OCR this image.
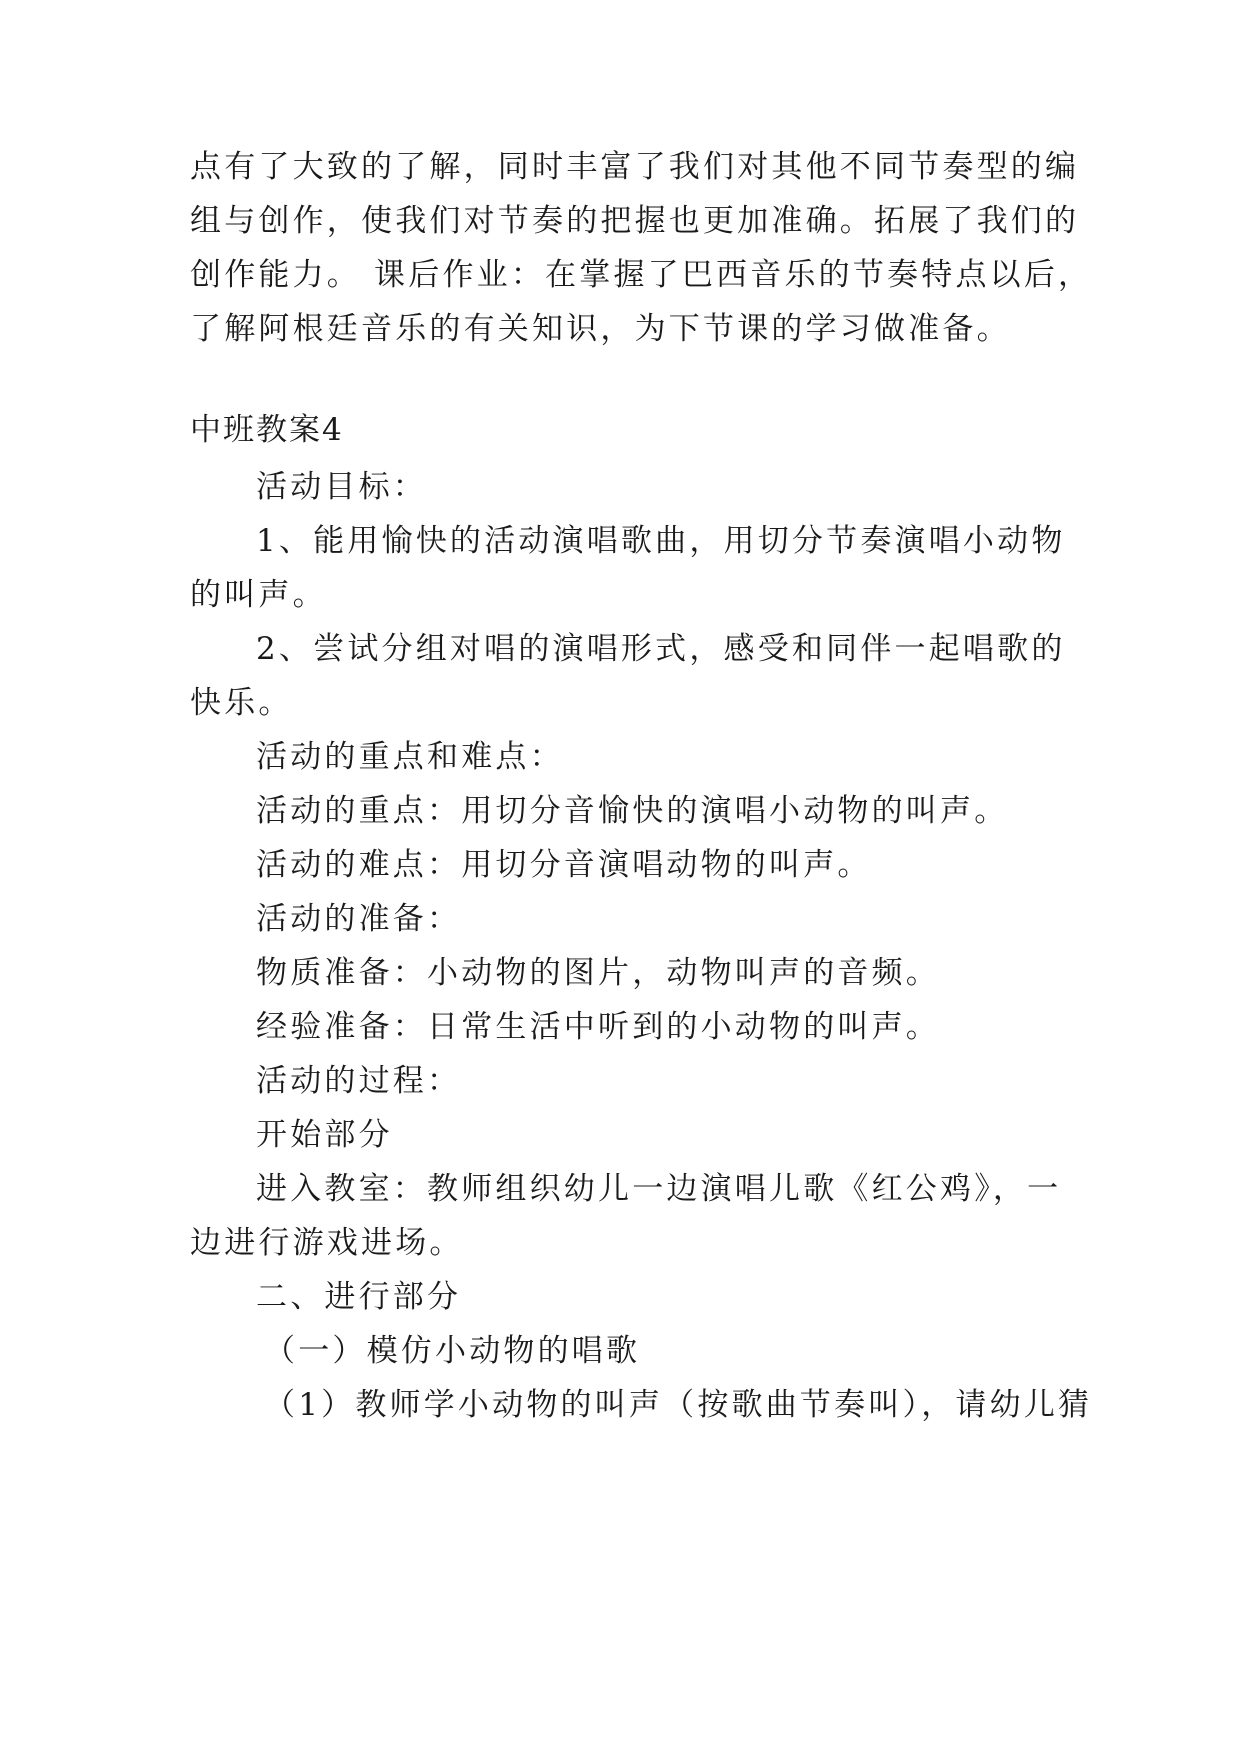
点有了大致的了解，同时丰富了我们对其他不同节奏型的编
组与创作，使我们对节奏的把握也更加准确。拓展了我们的
创作能力。 课后作业：在掌握了巴西音乐的节奏特点以后，
了解阿根廷音乐的有关知识，为下节课的学习做准备。
中班教案4
活动目标：
1、能用愉快的活动演唱歌曲，用切分节奏演唱小动物
的叫声。
2、尝试分组对唱的演唱形式，感受和同伴一起唱歌的
快乐。
活动的重点和难点：
活动的重点：用切分音愉快的演唱小动物的叫声。
活动的难点：用切分音演唱动物的叫声。
活动的准备：
物质准备：小动物的图片，动物叫声的音频。
经验准备：日常生活中听到的小动物的叫声。
活动的过程：
开始部分
进入教室：教师组织幼儿一边演唱儿歌《红公鸡》，一
边进行游戏进场。
二、进行部分
（一）模仿小动物的唱歌
（1）教师学小动物的叫声（按歌曲节奏叫），请幼儿猜
